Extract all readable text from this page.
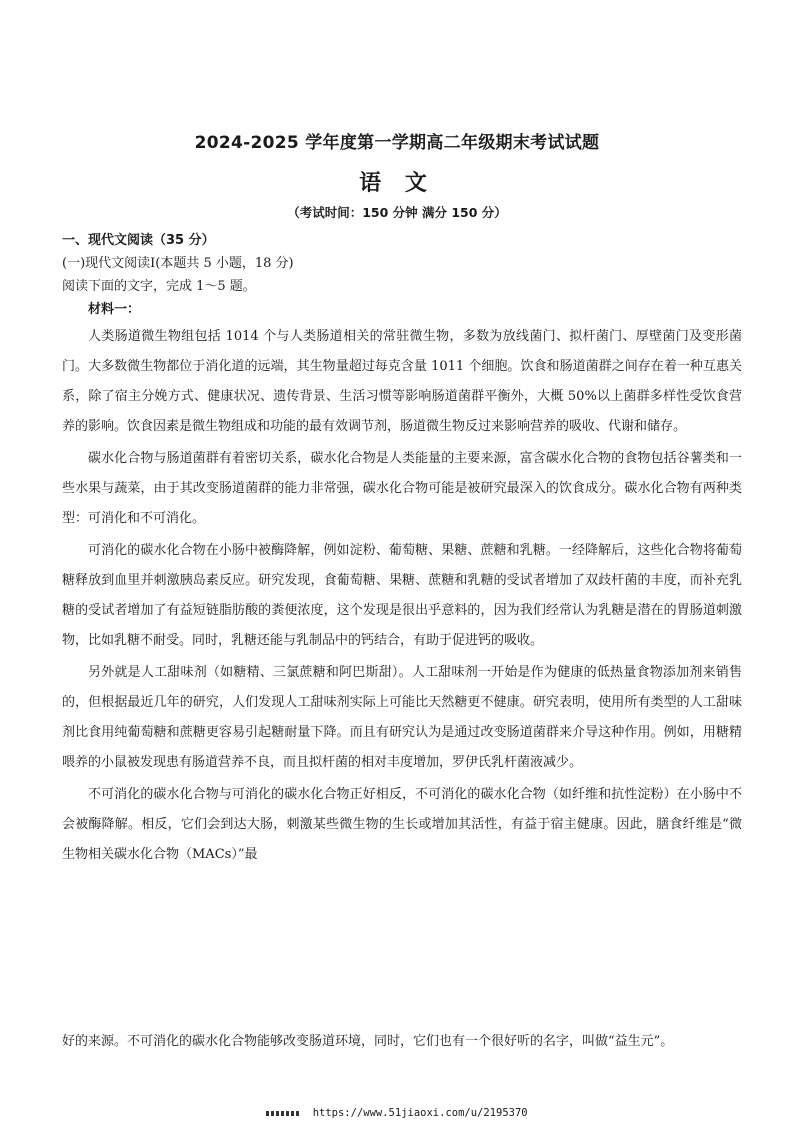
2024-2025 学年度第一学期高二年级期末考试试题
语 文
（考试时间：150 分钟 满分 150 分）
一、现代文阅读（35 分）
(一)现代文阅读Ⅰ(本题共 5 小题，18 分)
阅读下面的文字，完成 1～5 题。
材料一：

人类肠道微生物组包括 1014 个与人类肠道相关的常驻微生物，多数为放线菌门、拟杆菌门、厚壁菌门及变形菌门。大多数微生物都位于消化道的远端，其生物量超过每克含量 1011 个细胞。饮食和肠道菌群之间存在着一种互惠关系，除了宿主分娩方式、健康状况、遗传背景、生活习惯等影响肠道菌群平衡外，大概 50%以上菌群多样性受饮食营养的影响。饮食因素是微生物组成和功能的最有效调节剂，肠道微生物反过来影响营养的吸收、代谢和储存。

碳水化合物与肠道菌群有着密切关系，碳水化合物是人类能量的主要来源，富含碳水化合物的食物包括谷薯类和一些水果与蔬菜，由于其改变肠道菌群的能力非常强，碳水化合物可能是被研究最深入的饮食成分。碳水化合物有两种类型：可消化和不可消化。

可消化的碳水化合物在小肠中被酶降解，例如淀粉、葡萄糖、果糖、蔗糖和乳糖。一经降解后，这些化合物将葡萄糖释放到血里并刺激胰岛素反应。研究发现，食葡萄糖、果糖、蔗糖和乳糖的受试者增加了双歧杆菌的丰度，而补充乳糖的受试者增加了有益短链脂肪酸的粪便浓度，这个发现是很出乎意料的，因为我们经常认为乳糖是潜在的胃肠道刺激物，比如乳糖不耐受。同时，乳糖还能与乳制品中的钙结合，有助于促进钙的吸收。

另外就是人工甜味剂（如糖精、三氯蔗糖和阿巴斯甜）。人工甜味剂一开始是作为健康的低热量食物添加剂来销售的，但根据最近几年的研究，人们发现人工甜味剂实际上可能比天然糖更不健康。研究表明，使用所有类型的人工甜味剂比食用纯葡萄糖和蔗糖更容易引起糖耐量下降。而且有研究认为是通过改变肠道菌群来介导这种作用。例如，用糖精喂养的小鼠被发现患有肠道营养不良，而且拟杆菌的相对丰度增加，罗伊氏乳杆菌液减少。

不可消化的碳水化合物与可消化的碳水化合物正好相反，不可消化的碳水化合物（如纤维和抗性淀粉）在小肠中不会被酶降解。相反，它们会到达大肠，刺激某些微生物的生长或增加其活性，有益于宿主健康。因此，膳食纤维是“微生物相关碳水化合物（MACs）”最

好的来源。不可消化的碳水化合物能够改变肠道环境，同时，它们也有一个很好听的名字，叫做“益生元”。
https://www.51jiaoxi.com/u/2195370
